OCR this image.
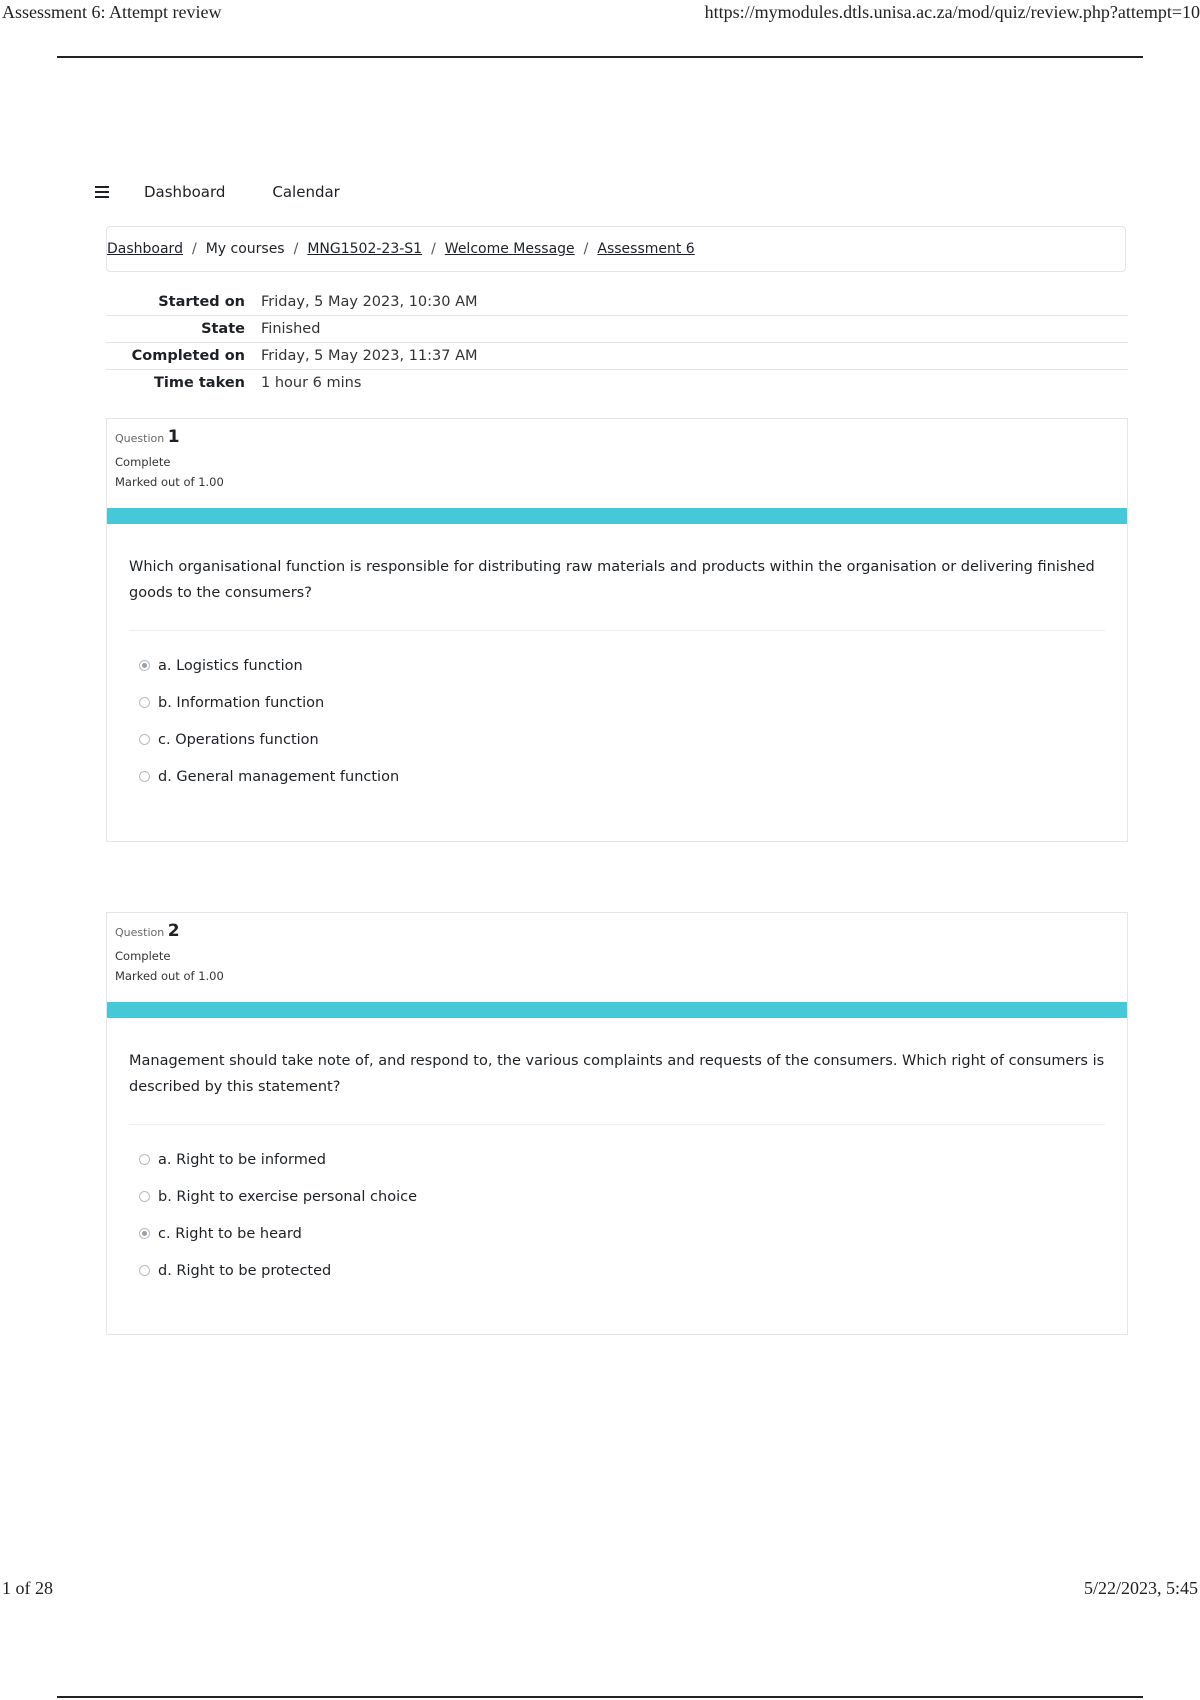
Assessment 6: Attempt review	https://mymodules.dtls.unisa.ac.za/mod/quiz/review.php?attempt=10
Dashboard	Calendar
Dashboard / My courses / MNG1502-23-S1 / Welcome Message / Assessment 6
Started on	Friday, 5 May 2023, 10:30 AM
State	Finished
Completed on	Friday, 5 May 2023, 11:37 AM
Time taken	1 hour 6 mins
Question 1
Complete
Marked out of 1.00
Which organisational function is responsible for distributing raw materials and products within the organisation or delivering finished goods to the consumers?
a. Logistics function
b. Information function
c. Operations function
d. General management function
Question 2
Complete
Marked out of 1.00
Management should take note of, and respond to, the various complaints and requests of the consumers. Which right of consumers is described by this statement?
a. Right to be informed
b. Right to exercise personal choice
c. Right to be heard
d. Right to be protected
1 of 28	5/22/2023, 5:45
